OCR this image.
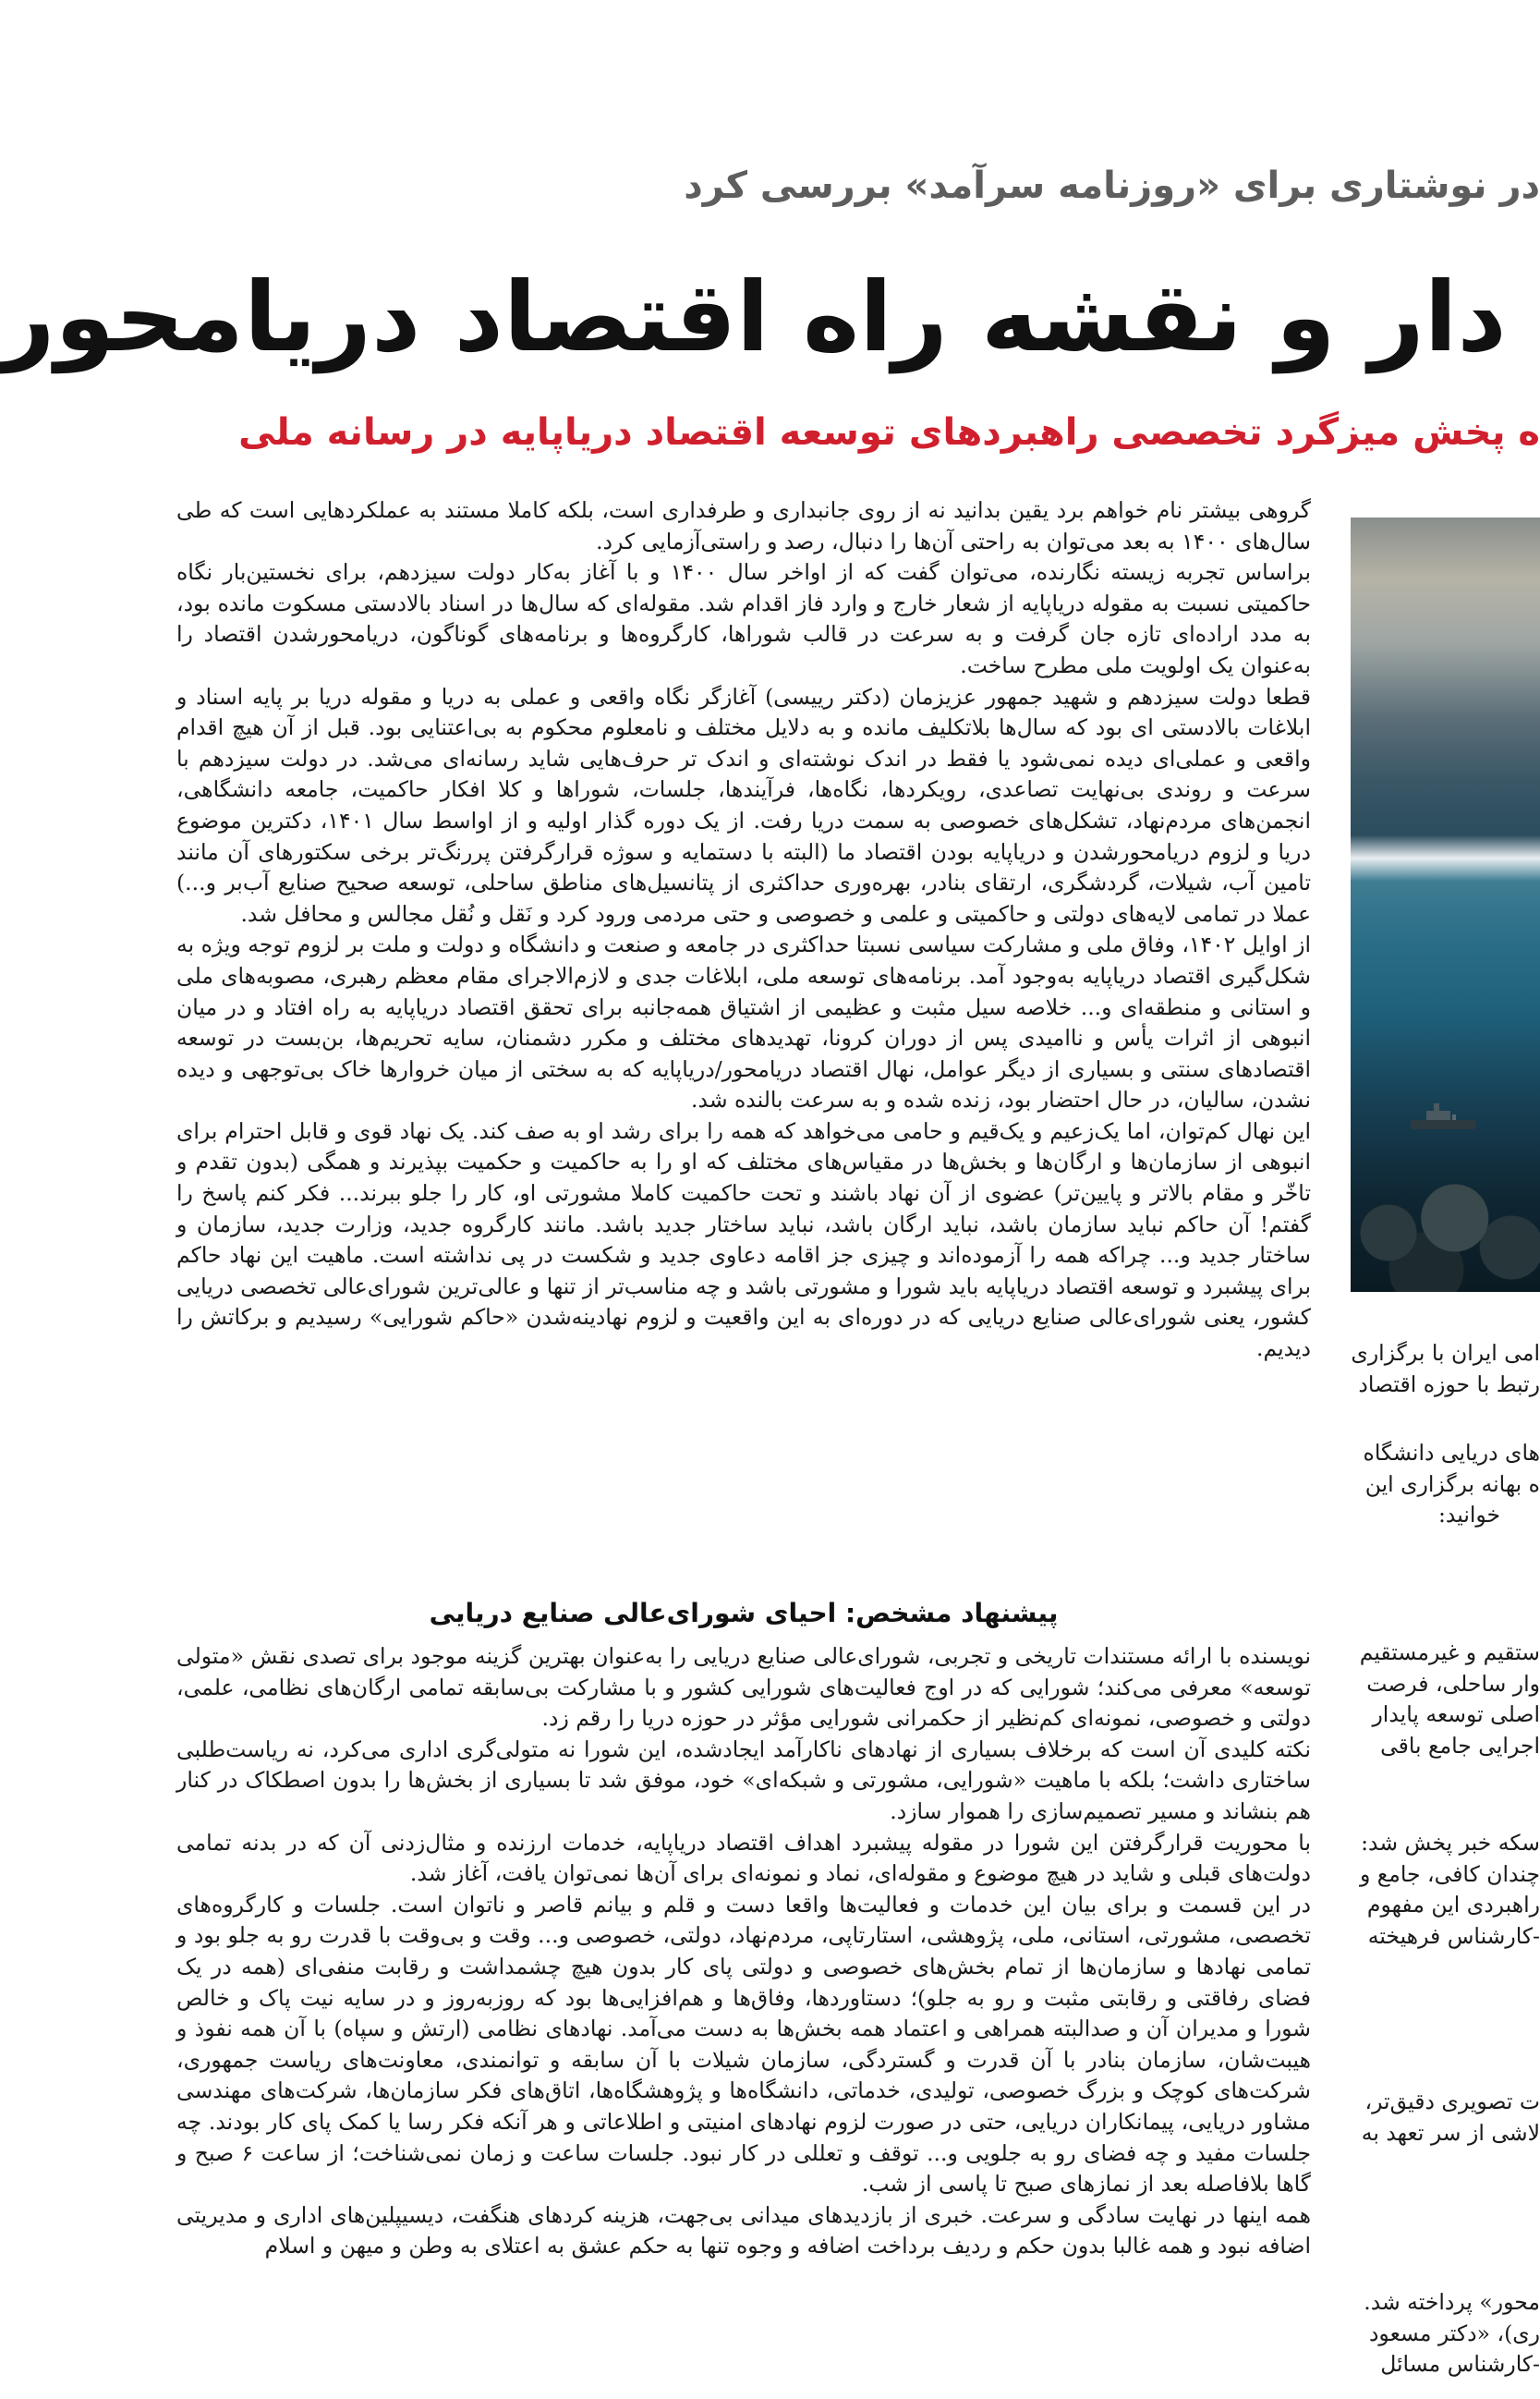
در نوشتاری برای «روزنامه سرآمد» بررسی کرد
ِ دار و نقشه راه اقتصاد دریامحور
ه پخش میزگرد تخصصی راهبردهای توسعه اقتصاد دریاپایه در رسانه ملی

گروهی بیشتر نام خواهم برد یقین بدانید نه از روی جانبداری و طرفداری است، بلکه کاملا مستند به عملکردهایی است که طی سال‌های ۱۴۰۰ به بعد می‌توان به راحتی آن‌ها را دنبال، رصد و راستی‌آزمایی کرد.

براساس تجربه زیسته نگارنده، می‌توان گفت که از اواخر سال ۱۴۰۰ و با آغاز به‌کار دولت سیزدهم، برای نخستین‌بار نگاه حاکمیتی نسبت به مقوله دریاپایه از شعار خارج و وارد فاز اقدام شد. مقوله‌ای که سال‌ها در اسناد بالادستی مسکوت مانده بود، به مدد اراده‌ای تازه جان گرفت و به سرعت در قالب شوراها، کارگروه‌ها و برنامه‌های گوناگون، دریامحورشدن اقتصاد را به‌عنوان یک اولویت ملی مطرح ساخت.

قطعا دولت سیزدهم و شهید جمهور عزیزمان (دکتر رییسی) آغازگر نگاه واقعی و عملی به دریا و مقوله دریا بر پایه اسناد و ابلاغات بالادستی ای بود که سال‌ها بلاتکلیف مانده و به دلایل مختلف و نامعلوم محکوم به بی‌اعتنایی بود. قبل از آن هیچ اقدام واقعی و عملی‌ای دیده نمی‌شود یا فقط در اندک نوشته‌ای و اندک تر حرف‌هایی شاید رسانه‌ای می‌شد. در دولت سیزدهم با سرعت و روندی بی‌نهایت تصاعدی، رویکردها، نگاه‌ها، فرآیندها، جلسات، شوراها و کلا افکار حاکمیت، جامعه دانشگاهی، انجمن‌های مردم‌نهاد، تشکل‌های خصوصی به سمت دریا رفت. از یک دوره گذار اولیه و از اواسط سال ۱۴۰۱، دکترین موضوع دریا و لزوم دریامحورشدن و دریاپایه بودن اقتصاد ما (البته با دستمایه و سوژه قرارگرفتن پررنگ‌تر برخی سکتورهای آن مانند تامین آب، شیلات، گردشگری، ارتقای بنادر، بهره‌وری حداکثری از پتانسیل‌های مناطق ساحلی، توسعه صحیح صنایع آب‌بر و...) عملا در تمامی لایه‌های دولتی و حاکمیتی و علمی و خصوصی و حتی مردمی ورود کرد و نَقل و نُقل مجالس و محافل شد.

از اوایل ۱۴۰۲، وفاق ملی و مشارکت سیاسی نسبتا حداکثری در جامعه و صنعت و دانشگاه و دولت و ملت بر لزوم توجه ویژه به شکل‌گیری اقتصاد دریاپایه به‌وجود آمد. برنامه‌های توسعه ملی، ابلاغات جدی و لازم‌الاجرای مقام معظم رهبری، مصوبه‌های ملی و استانی و منطقه‌ای و... خلاصه سیل مثبت و عظیمی از اشتیاق همه‌جانبه برای تحقق اقتصاد دریاپایه به راه افتاد و در میان انبوهی از اثرات یأس و ناامیدی پس از دوران کرونا، تهدیدهای مختلف و مکرر دشمنان، سایه تحریم‌ها، بن‌بست در توسعه اقتصادهای سنتی و بسیاری از دیگر عوامل، نهال اقتصاد دریامحور/دریاپایه که به سختی از میان خروارها خاک بی‌توجهی و دیده نشدن، سالیان، در حال احتضار بود، زنده شده و به سرعت بالنده شد.

این نهال کم‌توان، اما یک‌زعیم و یک‌قیم و حامی می‌خواهد که همه را برای رشد او به صف کند. یک نهاد قوی و قابل احترام برای انبوهی از سازمان‌ها و ارگان‌ها و بخش‌ها در مقیاس‌های مختلف که او را به حاکمیت و حکمیت بپذیرند و همگی (بدون تقدم و تاخّر و مقام بالاتر و پایین‌تر) عضوی از آن نهاد باشند و تحت حاکمیت کاملا مشورتی او، کار را جلو ببرند... فکر کنم پاسخ را گفتم! آن حاکم نباید سازمان باشد، نباید ارگان باشد، نباید ساختار جدید باشد. مانند کارگروه جدید، وزارت جدید، سازمان و ساختار جدید و... چراکه همه را آزموده‌اند و چیزی جز اقامه دعاوی جدید و شکست در پی نداشته است. ماهیت این نهاد حاکم برای پیشبرد و توسعه اقتصاد دریاپایه باید شورا و مشورتی باشد و چه مناسب‌تر از تنها و عالی‌ترین شورای‌عالی تخصصی دریایی کشور، یعنی شورای‌عالی صنایع دریایی که در دوره‌ای به این واقعیت و لزوم نهادینه‌شدن «حاکم شورایی» رسیدیم و برکاتش را دیدیم.

پیشنهاد مشخص: احیای شورای‌عالی صنایع دریایی

نویسنده با ارائه مستندات تاریخی و تجربی، شورای‌عالی صنایع دریایی را به‌عنوان بهترین گزینه موجود برای تصدی نقش «متولی توسعه» معرفی می‌کند؛ شورایی که در اوج فعالیت‌های شورایی کشور و با مشارکت بی‌سابقه تمامی ارگان‌های نظامی، علمی، دولتی و خصوصی، نمونه‌ای کم‌نظیر از حکمرانی شورایی مؤثر در حوزه دریا را رقم زد.

نکته کلیدی آن است که برخلاف بسیاری از نهادهای ناکارآمد ایجادشده، این شورا نه متولی‌گری اداری می‌کرد، نه ریاست‌طلبی ساختاری داشت؛ بلکه با ماهیت «شورایی، مشورتی و شبکه‌ای» خود، موفق شد تا بسیاری از بخش‌ها را بدون اصطکاک در کنار هم بنشاند و مسیر تصمیم‌سازی را هموار سازد.

با محوریت قرارگرفتن این شورا در مقوله پیشبرد اهداف اقتصاد دریاپایه، خدمات ارزنده و مثال‌زدنی آن که در بدنه تمامی دولت‌های قبلی و شاید در هیچ موضوع و مقوله‌ای، نماد و نمونه‌ای برای آن‌ها نمی‌توان یافت، آغاز شد.

در این قسمت و برای بیان این خدمات و فعالیت‌ها واقعا دست و قلم و بیانم قاصر و ناتوان است. جلسات و کارگروه‌های تخصصی، مشورتی، استانی، ملی، پژوهشی، استارتاپی، مردم‌نهاد، دولتی، خصوصی و... وقت و بی‌وقت با قدرت رو به جلو بود و تمامی نهادها و سازمان‌ها از تمام بخش‌های خصوصی و دولتی پای کار بدون هیچ چشمداشت و رقابت منفی‌ای (همه در یک فضای رفاقتی و رقابتی مثبت و رو به جلو)؛ دستاوردها، وفاق‌ها و هم‌افزایی‌ها بود که روزبه‌روز و در سایه نیت پاک و خالص شورا و مدیران آن و صدالبته همراهی و اعتماد همه بخش‌ها به دست می‌آمد. نهادهای نظامی (ارتش و سپاه) با آن همه نفوذ و هیبت‌شان، سازمان بنادر با آن قدرت و گستردگی، سازمان شیلات با آن سابقه و توانمندی، معاونت‌های ریاست جمهوری، شرکت‌های کوچک و بزرگ خصوصی، تولیدی، خدماتی، دانشگاه‌ها و پژوهشگاه‌ها، اتاق‌های فکر سازمان‌ها، شرکت‌های مهندسی مشاور دریایی، پیمانکاران دریایی، حتی در صورت لزوم نهادهای امنیتی و اطلاعاتی و هر آنکه فکر رسا یا کمک پای کار بودند. چه جلسات مفید و چه فضای رو به جلویی و... توقف و تعللی در کار نبود. جلسات ساعت و زمان نمی‌شناخت؛ از ساعت ۶ صبح و گاها بلافاصله بعد از نمازهای صبح تا پاسی از شب.

همه اینها در نهایت سادگی و سرعت. خبری از بازدیدهای میدانی بی‌جهت، هزینه کردهای هنگفت، دیسیپلین‌های اداری و مدیریتی اضافه نبود و همه غالبا بدون حکم و ردیف برداخت اضافه و وجوه تنها به حکم عشق به اعتلای به وطن و میهن و اسلام

امی ایران با برگزاری
رتبط با حوزه اقتصاد
های دریایی دانشگاه
ه بهانه برگزاری این
خوانید:
ستقیم و غیرمستقیم
وار ساحلی، فرصت
اصلی توسعه پایدار
اجرایی جامع باقی
سکه خبر پخش شد:
چندان کافی، جامع و
راهبردی این مفهوم
-کارشناس فرهیخته
ت تصویری دقیق‌تر،
لاشی از سر تعهد به
محور» پرداخته شد.
ری)، «دکتر مسعود
-کارشناس مسائل
